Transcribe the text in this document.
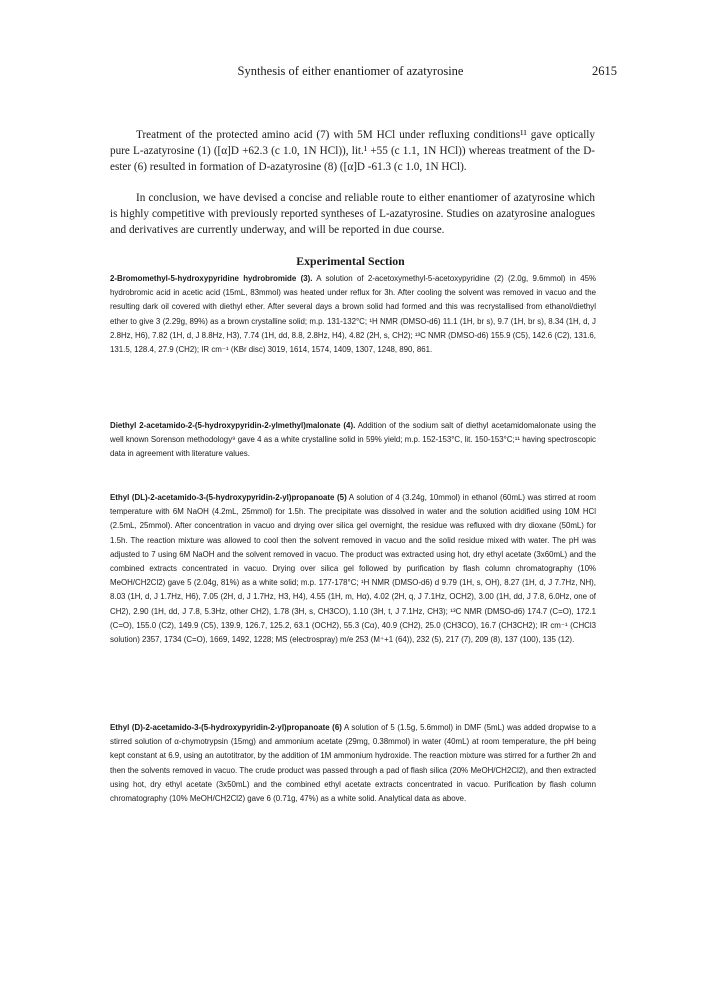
Synthesis of either enantiomer of azatyrosine	2615

Treatment of the protected amino acid (7) with 5M HCl under refluxing conditions¹¹ gave optically pure L-azatyrosine (1) ([α]D +62.3 (c 1.0, 1N HCl)), lit.¹ +55 (c 1.1, 1N HCl)) whereas treatment of the D-ester (6) resulted in formation of D-azatyrosine (8) ([α]D -61.3 (c 1.0, 1N HCl).

In conclusion, we have devised a concise and reliable route to either enantiomer of azatyrosine which is highly competitive with previously reported syntheses of L-azatyrosine. Studies on azatyrosine analogues and derivatives are currently underway, and will be reported in due course.

Experimental Section

2-Bromomethyl-5-hydroxypyridine hydrobromide (3). A solution of 2-acetoxymethyl-5-acetoxypyridine (2) (2.0g, 9.6mmol) in 45% hydrobromic acid in acetic acid (15mL, 83mmol) was heated under reflux for 3h. After cooling the solvent was removed in vacuo and the resulting dark oil covered with diethyl ether. After several days a brown solid had formed and this was recrystallised from ethanol/diethyl ether to give 3 (2.29g, 89%) as a brown crystalline solid; m.p. 131-132°C; ¹H NMR (DMSO-d6) 11.1 (1H, br s), 9.7 (1H, br s), 8.34 (1H, d, J 2.8Hz, H6), 7.82 (1H, d, J 8.8Hz, H3), 7.74 (1H, dd, 8.8, 2.8Hz, H4), 4.82 (2H, s, CH2); ¹³C NMR (DMSO-d6) 155.9 (C5), 142.6 (C2), 131.6, 131.5, 128.4, 27.9 (CH2); IR cm⁻¹ (KBr disc) 3019, 1614, 1574, 1409, 1307, 1248, 890, 861.

Diethyl 2-acetamido-2-(5-hydroxypyridin-2-ylmethyl)malonate (4). Addition of the sodium salt of diethyl acetamidomalonate using the well known Sorenson methodology⁹ gave 4 as a white crystalline solid in 59% yield; m.p. 152-153°C, lit. 150-153°C;¹¹ having spectroscopic data in agreement with literature values.

Ethyl (DL)-2-acetamido-3-(5-hydroxypyridin-2-yl)propanoate (5) A solution of 4 (3.24g, 10mmol) in ethanol (60mL) was stirred at room temperature with 6M NaOH (4.2mL, 25mmol) for 1.5h. The precipitate was dissolved in water and the solution acidified using 10M HCl (2.5mL, 25mmol). After concentration in vacuo and drying over silica gel overnight, the residue was refluxed with dry dioxane (50mL) for 1.5h. The reaction mixture was allowed to cool then the solvent removed in vacuo and the solid residue mixed with water. The pH was adjusted to 7 using 6M NaOH and the solvent removed in vacuo. The product was extracted using hot, dry ethyl acetate (3x60mL) and the combined extracts concentrated in vacuo. Drying over silica gel followed by purification by flash column chromatography (10% MeOH/CH2Cl2) gave 5 (2.04g, 81%) as a white solid; m.p. 177-178°C; ¹H NMR (DMSO-d6) d 9.79 (1H, s, OH), 8.27 (1H, d, J 7.7Hz, NH), 8.03 (1H, d, J 1.7Hz, H6), 7.05 (2H, d, J 1.7Hz, H3, H4), 4.55 (1H, m, Hα), 4.02 (2H, q, J 7.1Hz, OCH2), 3.00 (1H, dd, J 7.8, 6.0Hz, one of CH2), 2.90 (1H, dd, J 7.8, 5.3Hz, other CH2), 1.78 (3H, s, CH3CO), 1.10 (3H, t, J 7.1Hz, CH3); ¹³C NMR (DMSO-d6) 174.7 (C=O), 172.1 (C=O), 155.0 (C2), 149.9 (C5), 139.9, 126.7, 125.2, 63.1 (OCH2), 55.3 (Cα), 40.9 (CH2), 25.0 (CH3CO), 16.7 (CH3CH2); IR cm⁻¹ (CHCl3 solution) 2357, 1734 (C=O), 1669, 1492, 1228; MS (electrospray) m/e 253 (M⁺+1 (64)), 232 (5), 217 (7), 209 (8), 137 (100), 135 (12).

Ethyl (D)-2-acetamido-3-(5-hydroxypyridin-2-yl)propanoate (6) A solution of 5 (1.5g, 5.6mmol) in DMF (5mL) was added dropwise to a stirred solution of α-chymotrypsin (15mg) and ammonium acetate (29mg, 0.38mmol) in water (40mL) at room temperature, the pH being kept constant at 6.9, using an autotitrator, by the addition of 1M ammonium hydroxide. The reaction mixture was stirred for a further 2h and then the solvents removed in vacuo. The crude product was passed through a pad of flash silica (20% MeOH/CH2Cl2), and then extracted using hot, dry ethyl acetate (3x50mL) and the combined ethyl acetate extracts concentrated in vacuo. Purification by flash column chromatography (10% MeOH/CH2Cl2) gave 6 (0.71g, 47%) as a white solid. Analytical data as above.
